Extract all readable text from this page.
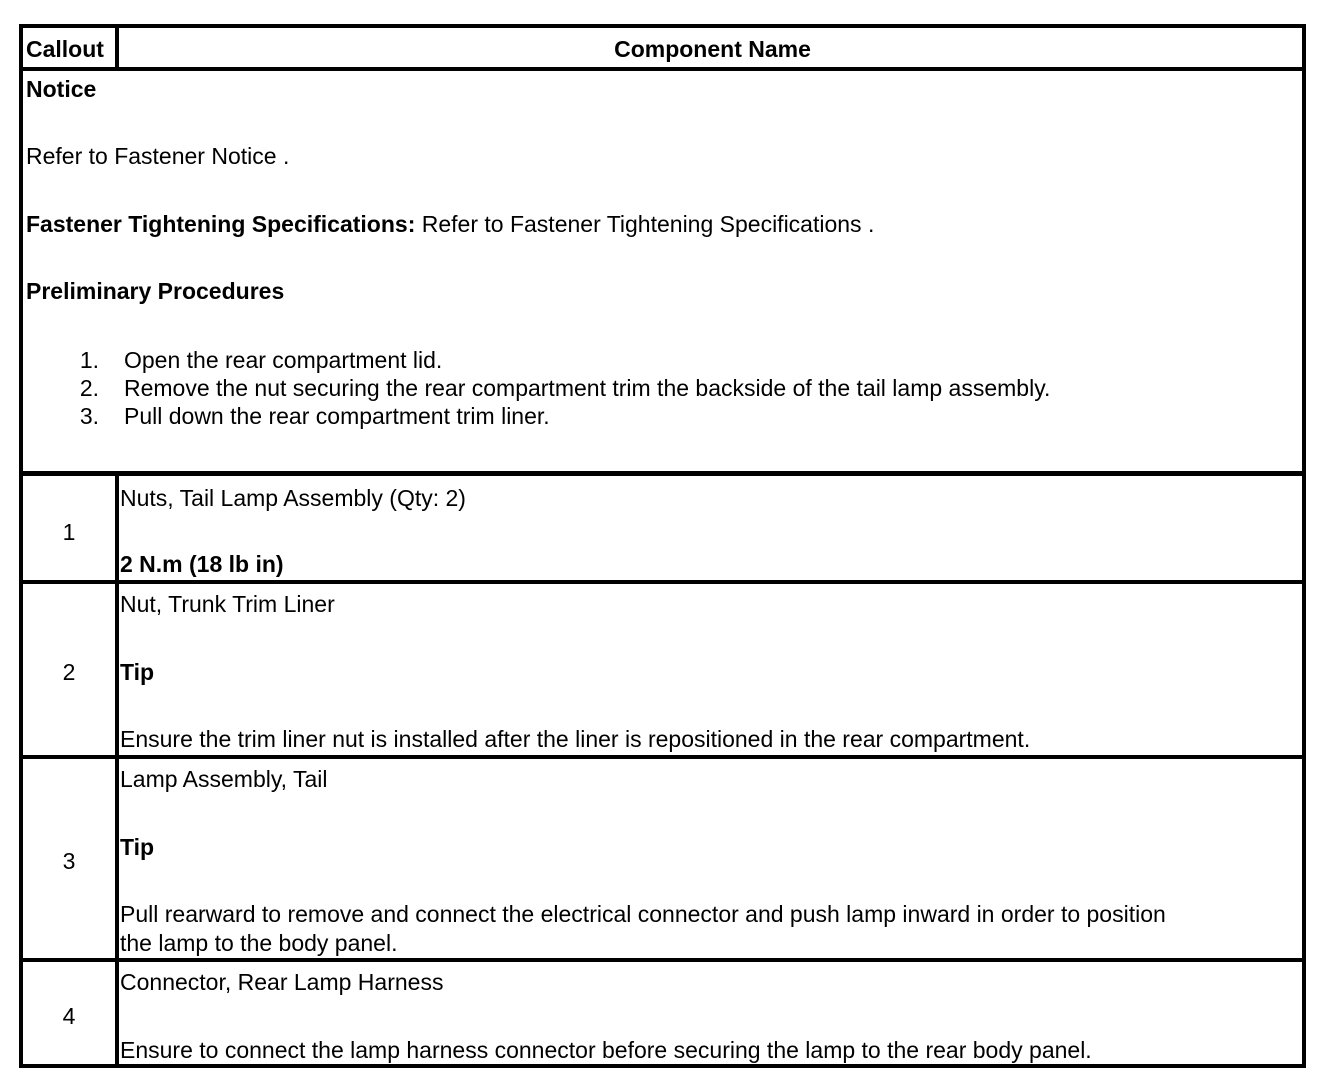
Callout	Component Name
Notice
Refer to Fastener Notice .
Fastener Tightening Specifications: Refer to Fastener Tightening Specifications .
Preliminary Procedures
1. Open the rear compartment lid.
2. Remove the nut securing the rear compartment trim the backside of the tail lamp assembly.
3. Pull down the rear compartment trim liner.
1
Nuts, Tail Lamp Assembly (Qty: 2)
2 N.m (18 lb in)
2
Nut, Trunk Trim Liner
Tip
Ensure the trim liner nut is installed after the liner is repositioned in the rear compartment.
3
Lamp Assembly, Tail
Tip
Pull rearward to remove and connect the electrical connector and push lamp inward in order to position
the lamp to the body panel.
4
Connector, Rear Lamp Harness
Ensure to connect the lamp harness connector before securing the lamp to the rear body panel.
